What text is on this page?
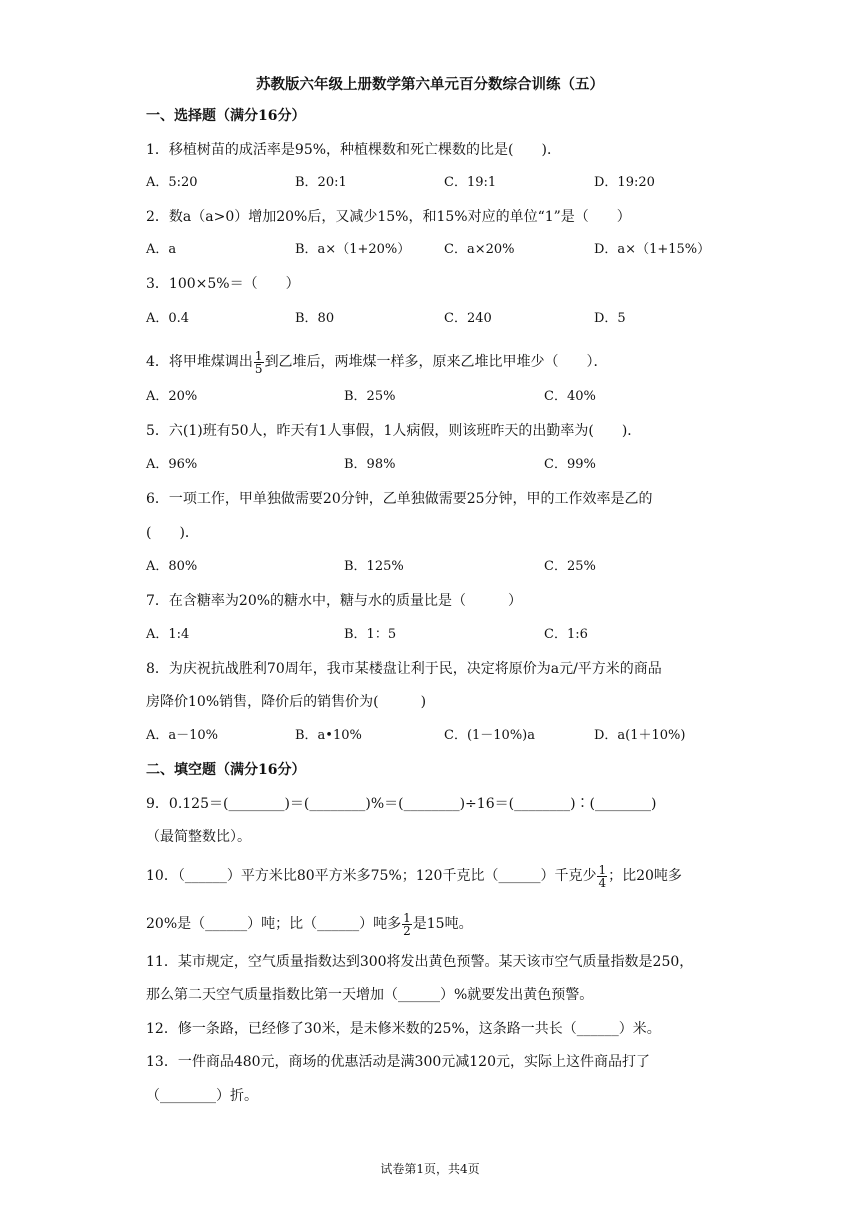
苏教版六年级上册数学第六单元百分数综合训练（五）
一、选择题（满分16分）
1．移植树苗的成活率是95%，种植棵数和死亡棵数的比是(　　)．
A．5:20	B．20:1	C．19:1	D．19:20
2．数a（a>0）增加20%后，又减少15%，和15%对应的单位“1”是（　　）
A．a	B．a×（1+20%）	C．a×20%	D．a×（1+15%）
3．100×5%＝（　　）
A．0.4	B．80	C．240	D．5
4．将甲堆煤调出 $\frac{1}{5}$ 到乙堆后，两堆煤一样多，原来乙堆比甲堆少（　　）．
A．20%	B．25%	C．40%
5．六(1)班有50人，昨天有1人事假，1人病假，则该班昨天的出勤率为(　　)．
A．96%	B．98%	C．99%
6．一项工作，甲单独做需要20分钟，乙单独做需要25分钟，甲的工作效率是乙的
(　　)．
A．80%	B．125%	C．25%
7．在含糖率为20%的糖水中，糖与水的质量比是（　　　）
A．1:4	B．1：5	C．1:6
8．为庆祝抗战胜利70周年，我市某楼盘让利于民，决定将原价为a元/平方米的商品
房降价10%销售，降价后的销售价为(　　　)
A．a－10%	B．a•10%	C．(1－10%)a	D．a(1＋10%)
二、填空题（满分16分）
9．0.125＝(________)＝(________)%＝(________)÷16＝(________)∶(________)
（最简整数比）。
10．（______）平方米比80平方米多75%；120千克比（______）千克少 $\frac{1}{4}$ ；比20吨多
20%是（______）吨；比（______）吨多 $\frac{1}{2}$ 是15吨。
11．某市规定，空气质量指数达到300将发出黄色预警。某天该市空气质量指数是250，
那么第二天空气质量指数比第一天增加（______）%就要发出黄色预警。
12．修一条路，已经修了30米，是未修米数的25%，这条路一共长（______）米。
13．一件商品480元，商场的优惠活动是满300元减120元，实际上这件商品打了
（________）折。
试卷第1页，共4页
